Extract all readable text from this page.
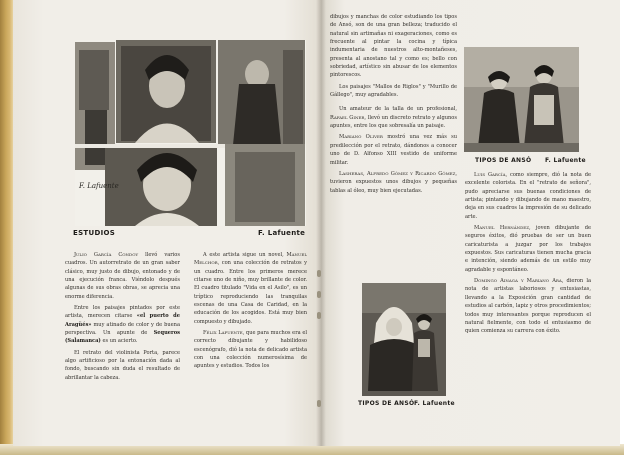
F. Lafuente
ESTUDIOS	F. Lafuente

Julio García Condoy llevó varios cuadros. Un autorretrato de un gran saber clásico, muy justo de dibujo, entonado y de una ejecución franca. Viéndolo después algunas de sus obras obras, se aprecia una enorme diferencia.

Entre los paisajes pintados por este artista, merecen citarse «el puerto de Aragüés» muy atinado de color y de buena perspectiva. Un apunte de Sequeros (Salamanca) es un acierto.

El retrato del violinista Porta, parece algo artificioso por la entonación dada al fondo, buscando sin duda el resultado de abrillantar la cabeza.

A este artista sigue un novel, Manuel Melchor, con una colección de retratos y un cuadro. Entre los primeros merece citarse uno de niño, muy brillante de color. El cuadro titulado "Vida en el Asilo", es un tríptico reproduciendo las tranquilas escenas de una Casa de Caridad, en la educación de los acogidos. Está muy bien compuesto y dibujado.

Félix Lafuente, que para muchos era el correcto dibujante y habilidoso escenógrafo, dió la nota de delicado artista con una colección numerosísima de apuntes y estudios. Todos los

dibujos y manchas de color estudiando los tipos de Ansó, son de una gran belleza; traducido el natural sin artimañas ni exageraciones, como es frecuente al pintar la cocina y típica indumentaria de nuestros alto-montañeses, presenta al anostano tal y como es; bello con sobriedad, artístico sin abusar de los elementos pintorescos.

Los paisajes "Mallos de Riglos" y "Murillo de Gállego", muy agradables.

Un amateur de la talla de un profesional, Rafael Giner, llevó un discreto retrato y algunos apuntes, entre los que sobresalía un paisaje.

Mariano Oliver mostró una vez más su predilección por el retrato, dándonos a conocer uno de D. Alfonso XIII vestido de uniforme militar.

Lasheras, Alfredo Gómez y Ricardo Gómez, tuvieron expuestos unos dibujos y pequeñas tablas al óleo, muy bien ejecutadas.

TIPOS DE ANSÓ F. Lafuente

Luis García, como siempre, dió la nota de excelente colorista. En el "retrato de señora", pudo apreciarse sus buenas condiciones de artista; pintando y dibujando de mano maestro, deja en sus cuadros la impresión de su delicado arte.

Manuel Hernández, joven dibujante de seguros éxitos, dió pruebas de ser un buen caricaturista a juzgar por los trabajos expuestos. Sus caricaturas tienen mucha gracia e intención, siendo además de un estilo muy agradable y espontáneo.

Domingo Ainaga y Mariano Ara, dieron la nota de artistas laboriosos y entusiastas, llevando a la Exposición gran cantidad de estudios al carbón, lapiz y otros procedimientos; todos muy interesantes porque reproducen el natural fielmente, con todo el entusiasmo de quien comienza su carrera con éxito.

TIPOS DE ANSÓ F. Lafuente
